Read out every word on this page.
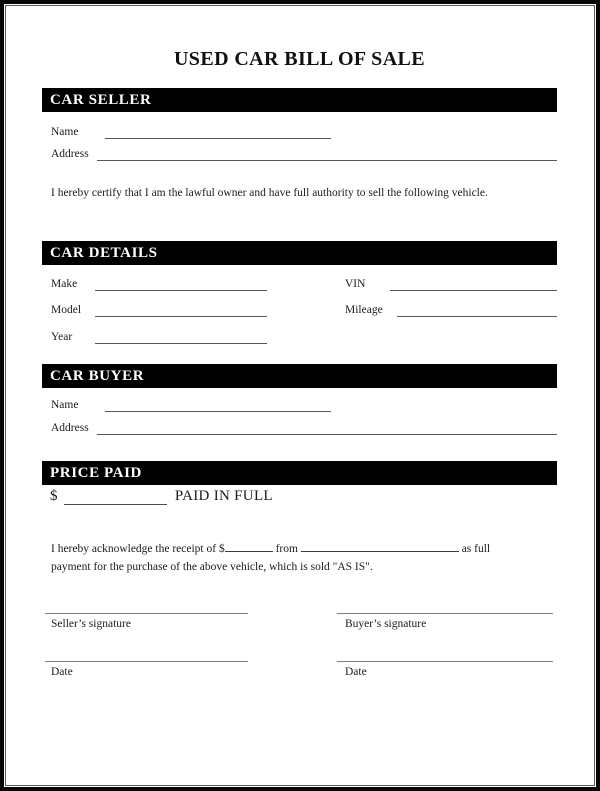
USED CAR BILL OF SALE
CAR SELLER
Name
Address
I hereby certify that I am the lawful owner and have full authority to sell the following vehicle.
CAR DETAILS
Make	VIN
Model	Mileage
Year
CAR BUYER
Name
Address
PRICE PAID
$	PAID IN FULL
I hereby acknowledge the receipt of $	from	as full
payment for the purchase of the above vehicle, which is sold "AS IS".
Seller’s signature	Buyer’s signature
Date	Date
